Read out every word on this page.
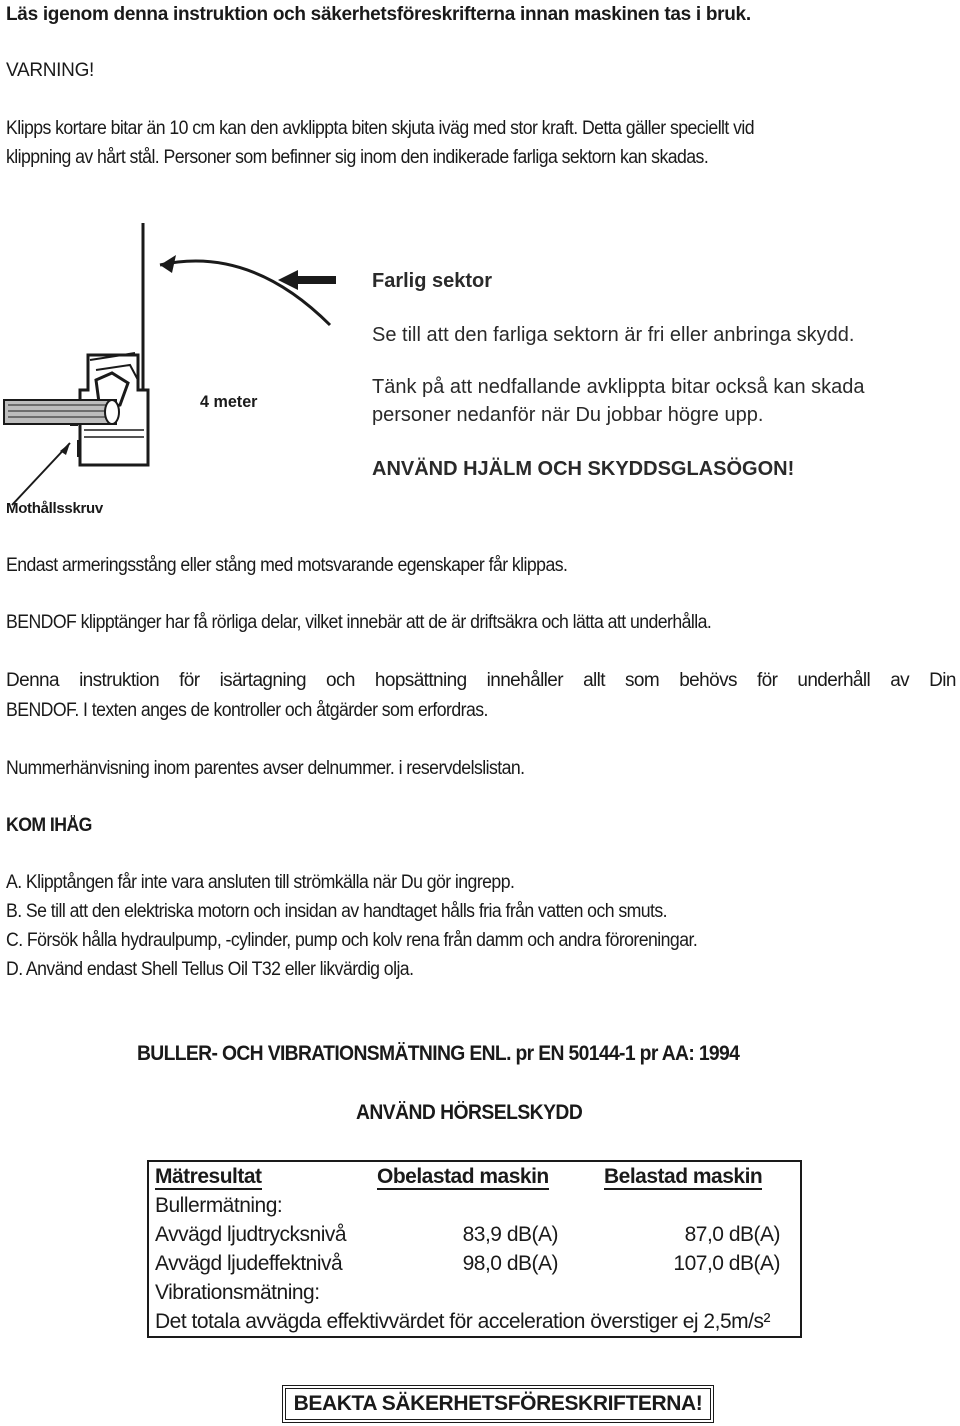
Läs igenom denna instruktion och säkerhetsföreskrifterna innan maskinen tas i bruk.
VARNING!
Klipps kortare bitar än 10 cm kan den avklippta biten skjuta iväg med stor kraft. Detta gäller speciellt vid
klippning av hårt stål. Personer som befinner sig inom den indikerade farliga sektorn kan skadas.
4 meter
Mothållsskruv
Farlig sektor
Se till att den farliga sektorn är fri eller anbringa skydd.
Tänk på att nedfallande avklippta bitar också kan skada
personer nedanför när Du jobbar högre upp.
ANVÄND HJÄLM OCH SKYDDSGLASÖGON!
Endast armeringsstång eller stång med motsvarande egenskaper får klippas.
BENDOF klipptänger har få rörliga delar, vilket innebär att de är driftsäkra och lätta att underhålla.
Denna instruktion för isärtagning och hopsättning innehåller allt som behövs för underhåll av Din
BENDOF. I texten anges de kontroller och åtgärder som erfordras.
Nummerhänvisning inom parentes avser delnummer. i reservdelslistan.
KOM IHÅG
A. Klipptången får inte vara ansluten till strömkälla när Du gör ingrepp.
B. Se till att den elektriska motorn och insidan av handtaget hålls fria från vatten och smuts.
C. Försök hålla hydraulpump, -cylinder, pump och kolv rena från damm och andra föroreningar.
D. Använd endast Shell Tellus Oil T32 eller likvärdig olja.
BULLER- OCH VIBRATIONSMÄTNING ENL. pr EN 50144-1 pr AA: 1994
ANVÄND HÖRSELSKYDD
Mätresultat	Obelastad maskin	Belastad maskin
Bullermätning:		
Avvägd ljudtrycksnivå	83,9 dB(A)	87,0 dB(A)
Avvägd ljudeffektnivå	98,0 dB(A)	107,0 dB(A)
Vibrationsmätning:		
Det totala avvägda effektivvärdet för acceleration överstiger ej 2,5m/s²		
BEAKTA SÄKERHETSFÖRESKRIFTERNA!
